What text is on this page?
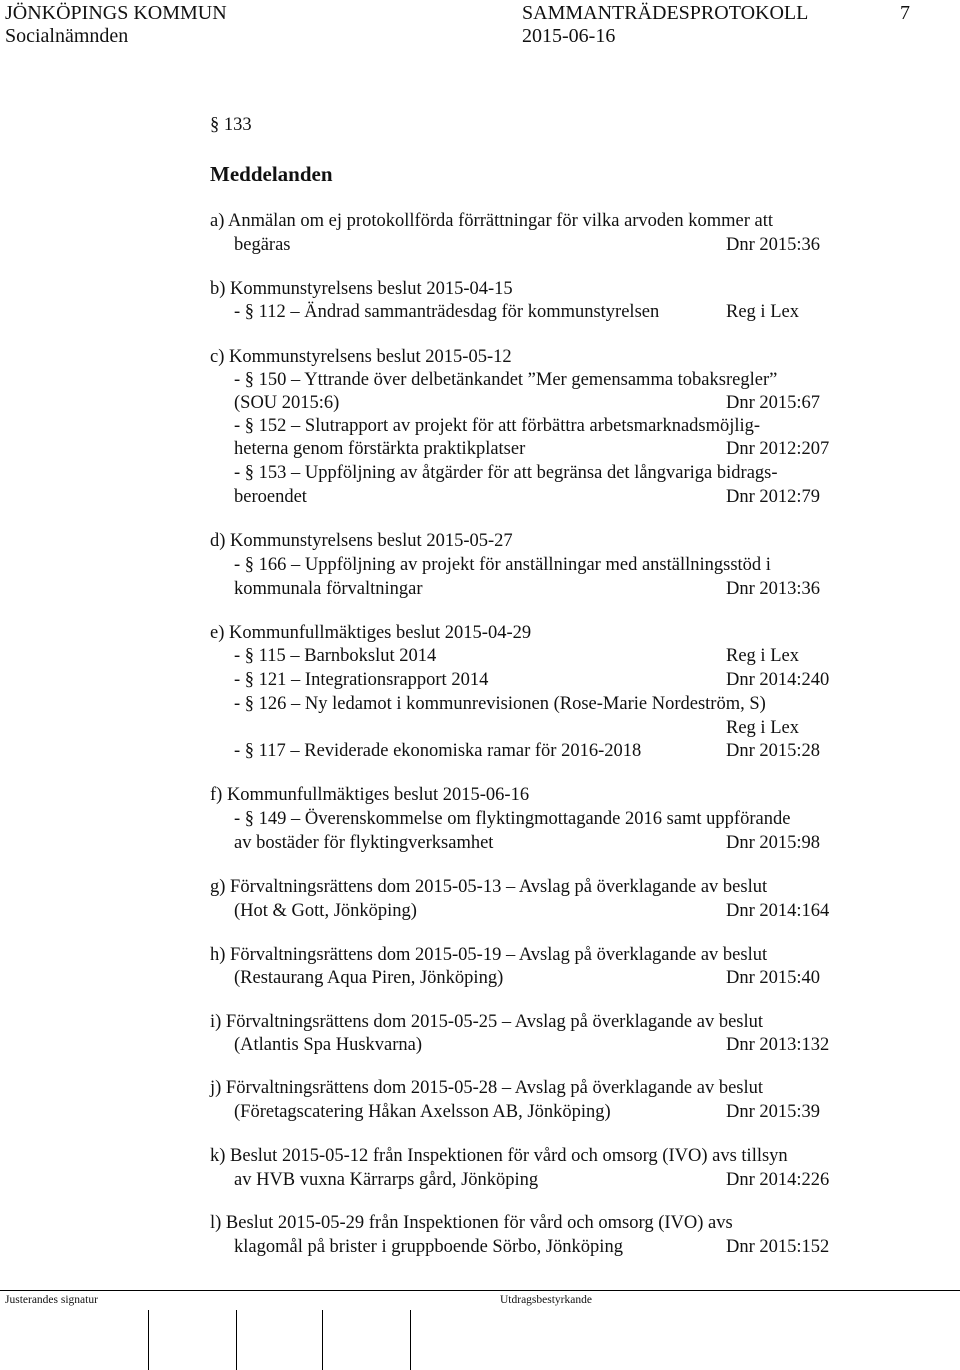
JÖNKÖPINGS KOMMUN	SAMMANTRÄDESPROTOKOLL	7
Socialnämnden	2015-06-16
§ 133
Meddelanden
a) Anmälan om ej protokollförda förrättningar för vilka arvoden kommer att
begäras	Dnr 2015:36
b) Kommunstyrelsens beslut 2015-04-15
- § 112 – Ändrad sammanträdesdag för kommunstyrelsen	Reg i Lex
c) Kommunstyrelsens beslut 2015-05-12
- § 150 – Yttrande över delbetänkandet ”Mer gemensamma tobaksregler”
(SOU 2015:6)	Dnr 2015:67
- § 152 – Slutrapport av projekt för att förbättra arbetsmarknadsmöjlig-
heterna genom förstärkta praktikplatser	Dnr 2012:207
- § 153 – Uppföljning av åtgärder för att begränsa det långvariga bidrags-
beroendet	Dnr 2012:79
d) Kommunstyrelsens beslut 2015-05-27
- § 166 – Uppföljning av projekt för anställningar med anställningsstöd i
kommunala förvaltningar	Dnr 2013:36
e) Kommunfullmäktiges beslut 2015-04-29
- § 115 – Barnbokslut 2014	Reg i Lex
- § 121 – Integrationsrapport 2014	Dnr 2014:240
- § 126 – Ny ledamot i kommunrevisionen (Rose-Marie Nordeström, S)
Reg i Lex
- § 117 – Reviderade ekonomiska ramar för 2016-2018	Dnr 2015:28
f) Kommunfullmäktiges beslut 2015-06-16
- § 149 – Överenskommelse om flyktingmottagande 2016 samt uppförande
av bostäder för flyktingverksamhet	Dnr 2015:98
g) Förvaltningsrättens dom 2015-05-13 – Avslag på överklagande av beslut
(Hot & Gott, Jönköping)	Dnr 2014:164
h) Förvaltningsrättens dom 2015-05-19 – Avslag på överklagande av beslut
(Restaurang Aqua Piren, Jönköping)	Dnr 2015:40
i) Förvaltningsrättens dom 2015-05-25 – Avslag på överklagande av beslut
(Atlantis Spa Huskvarna)	Dnr 2013:132
j) Förvaltningsrättens dom 2015-05-28 – Avslag på överklagande av beslut
(Företagscatering Håkan Axelsson AB, Jönköping)	Dnr 2015:39
k) Beslut 2015-05-12 från Inspektionen för vård och omsorg (IVO) avs tillsyn
av HVB vuxna Kärrarps gård, Jönköping	Dnr 2014:226
l) Beslut 2015-05-29 från Inspektionen för vård och omsorg (IVO) avs
klagomål på brister i gruppboende Sörbo, Jönköping	Dnr 2015:152
Justerandes signatur	Utdragsbestyrkande
